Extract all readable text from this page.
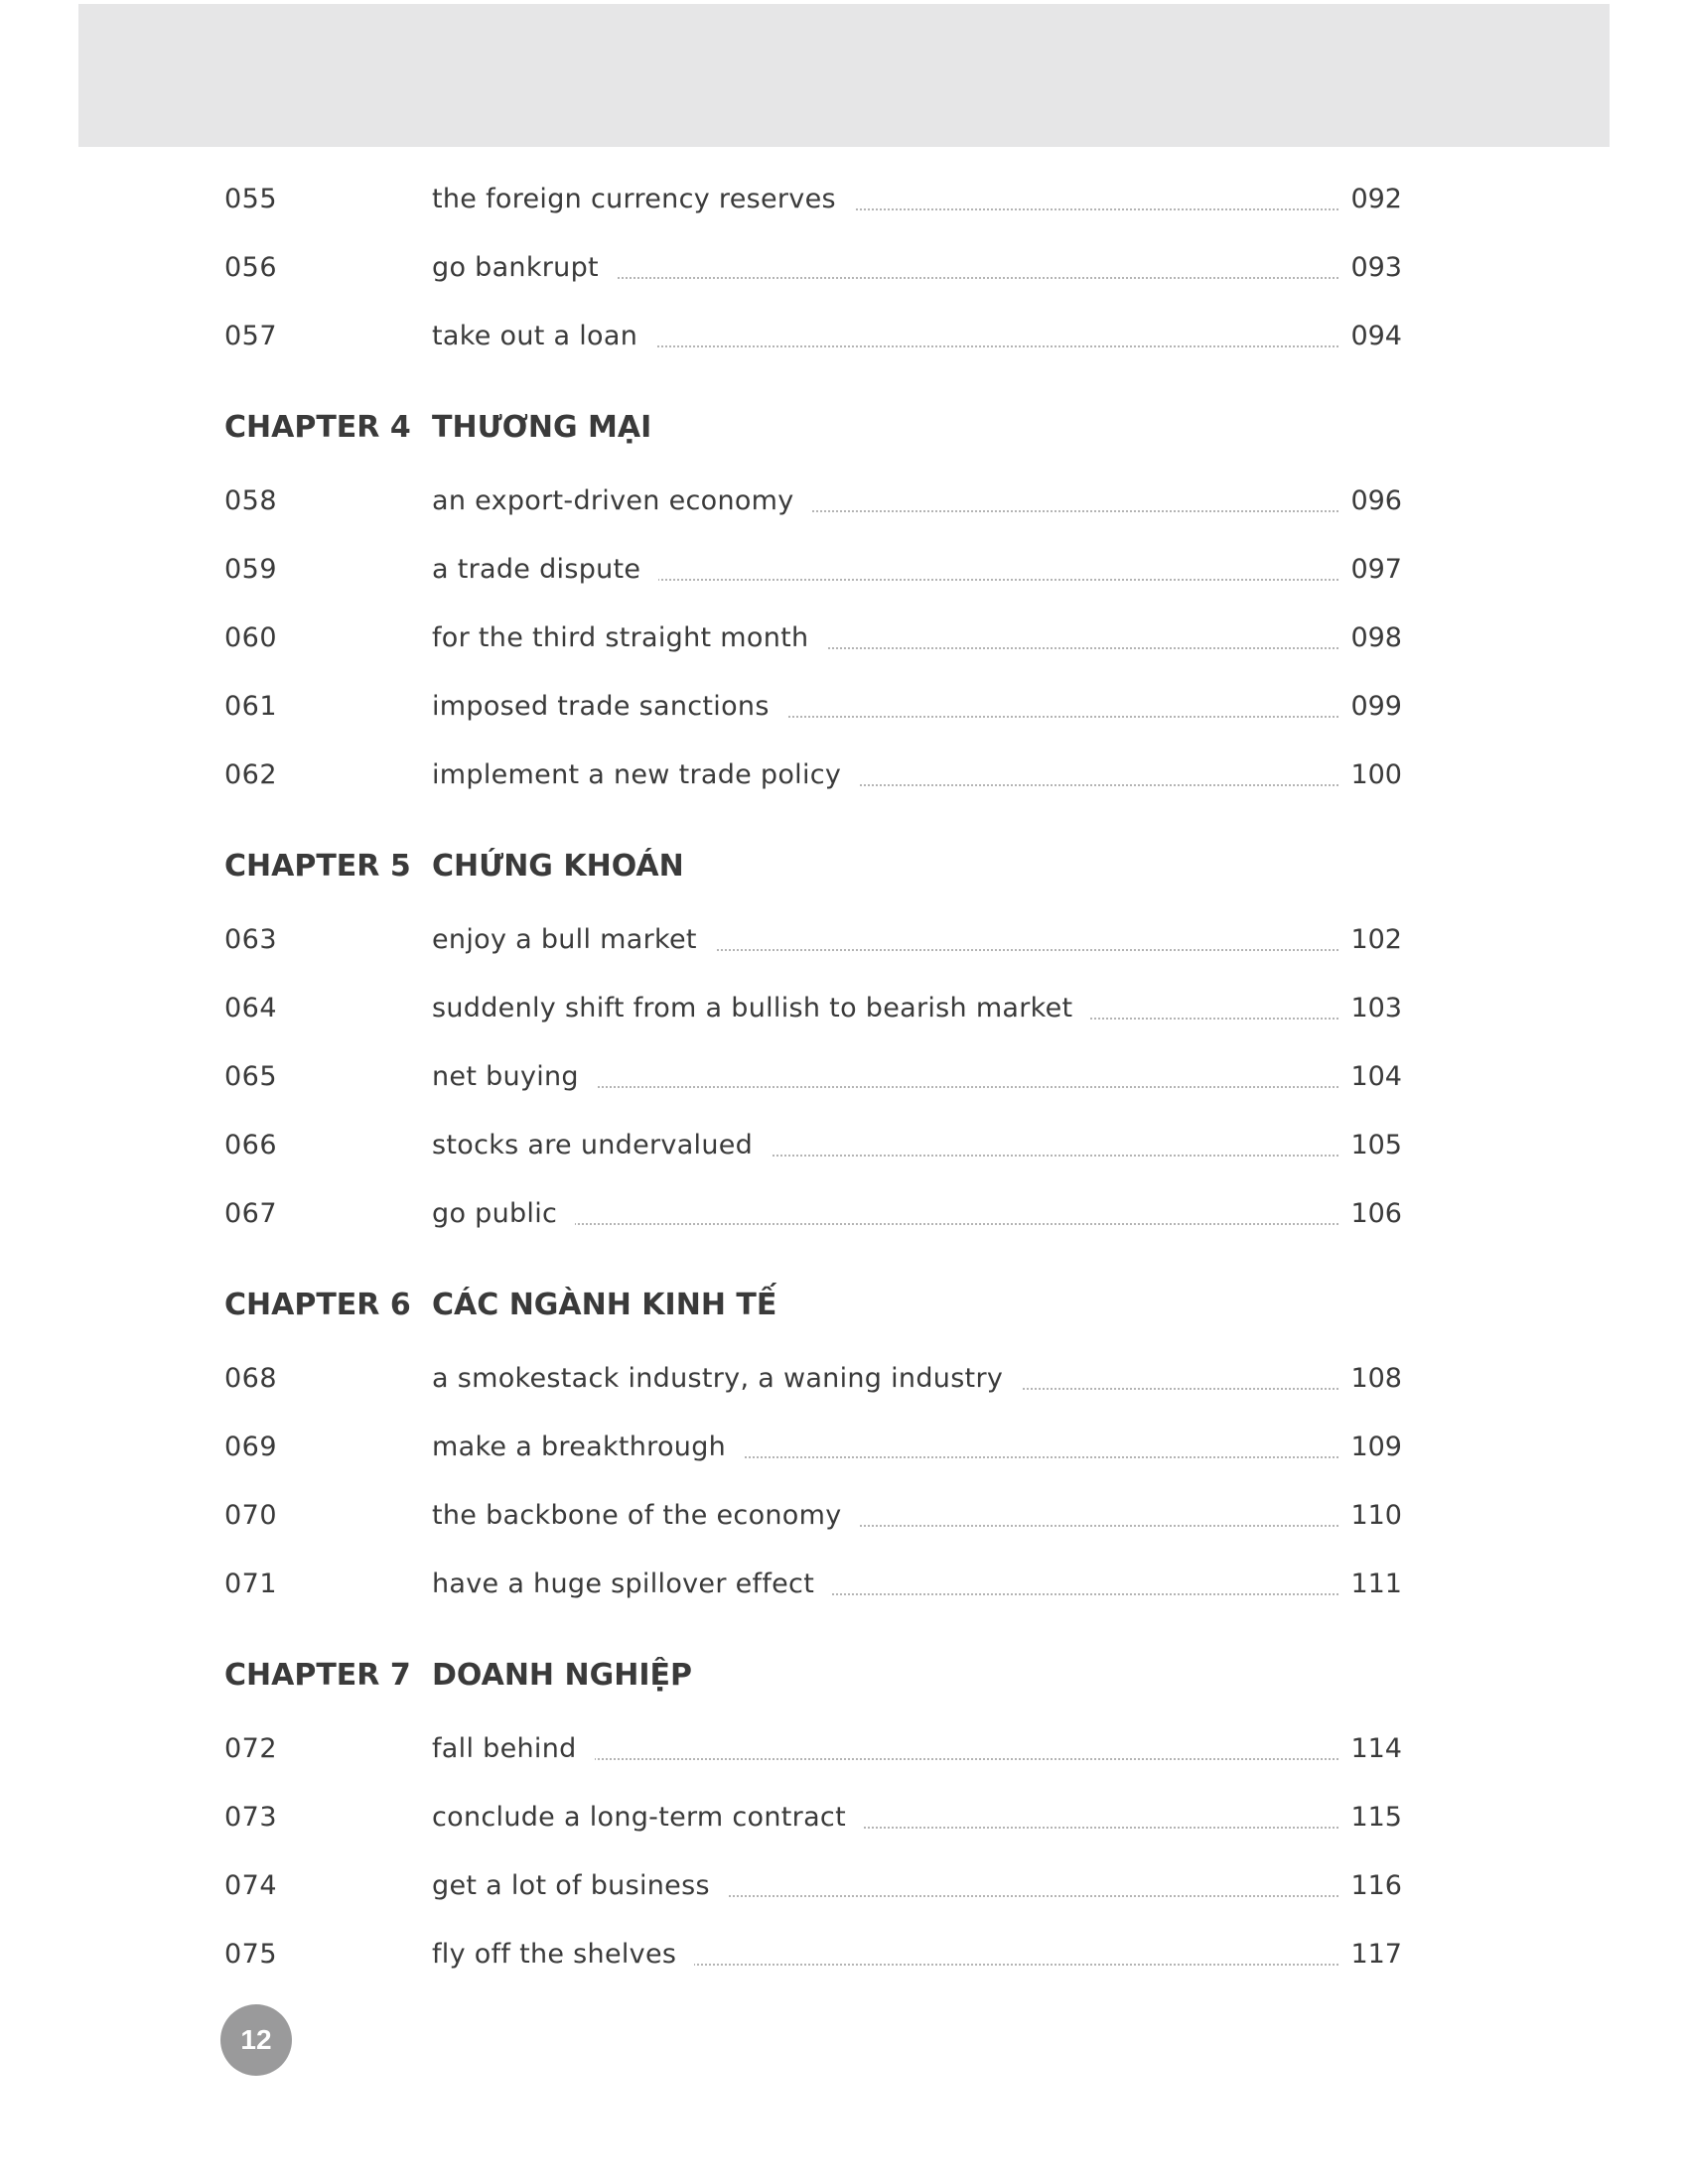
055	the foreign currency reserves	092
056	go bankrupt	093
057	take out a loan	094
CHAPTER 4 THƯƠNG MẠI
058	an export-driven economy	096
059	a trade dispute	097
060	for the third straight month	098
061	imposed trade sanctions	099
062	implement a new trade policy	100
CHAPTER 5 CHỨNG KHOÁN
063	enjoy a bull market	102
064	suddenly shift from a bullish to bearish market	103
065	net buying	104
066	stocks are undervalued	105
067	go public	106
CHAPTER 6 CÁC NGÀNH KINH TẾ
068	a smokestack industry, a waning industry	108
069	make a breakthrough	109
070	the backbone of the economy	110
071	have a huge spillover effect	111
CHAPTER 7 DOANH NGHIỆP
072	fall behind	114
073	conclude a long-term contract	115
074	get a lot of business	116
075	fly off the shelves	117
12
